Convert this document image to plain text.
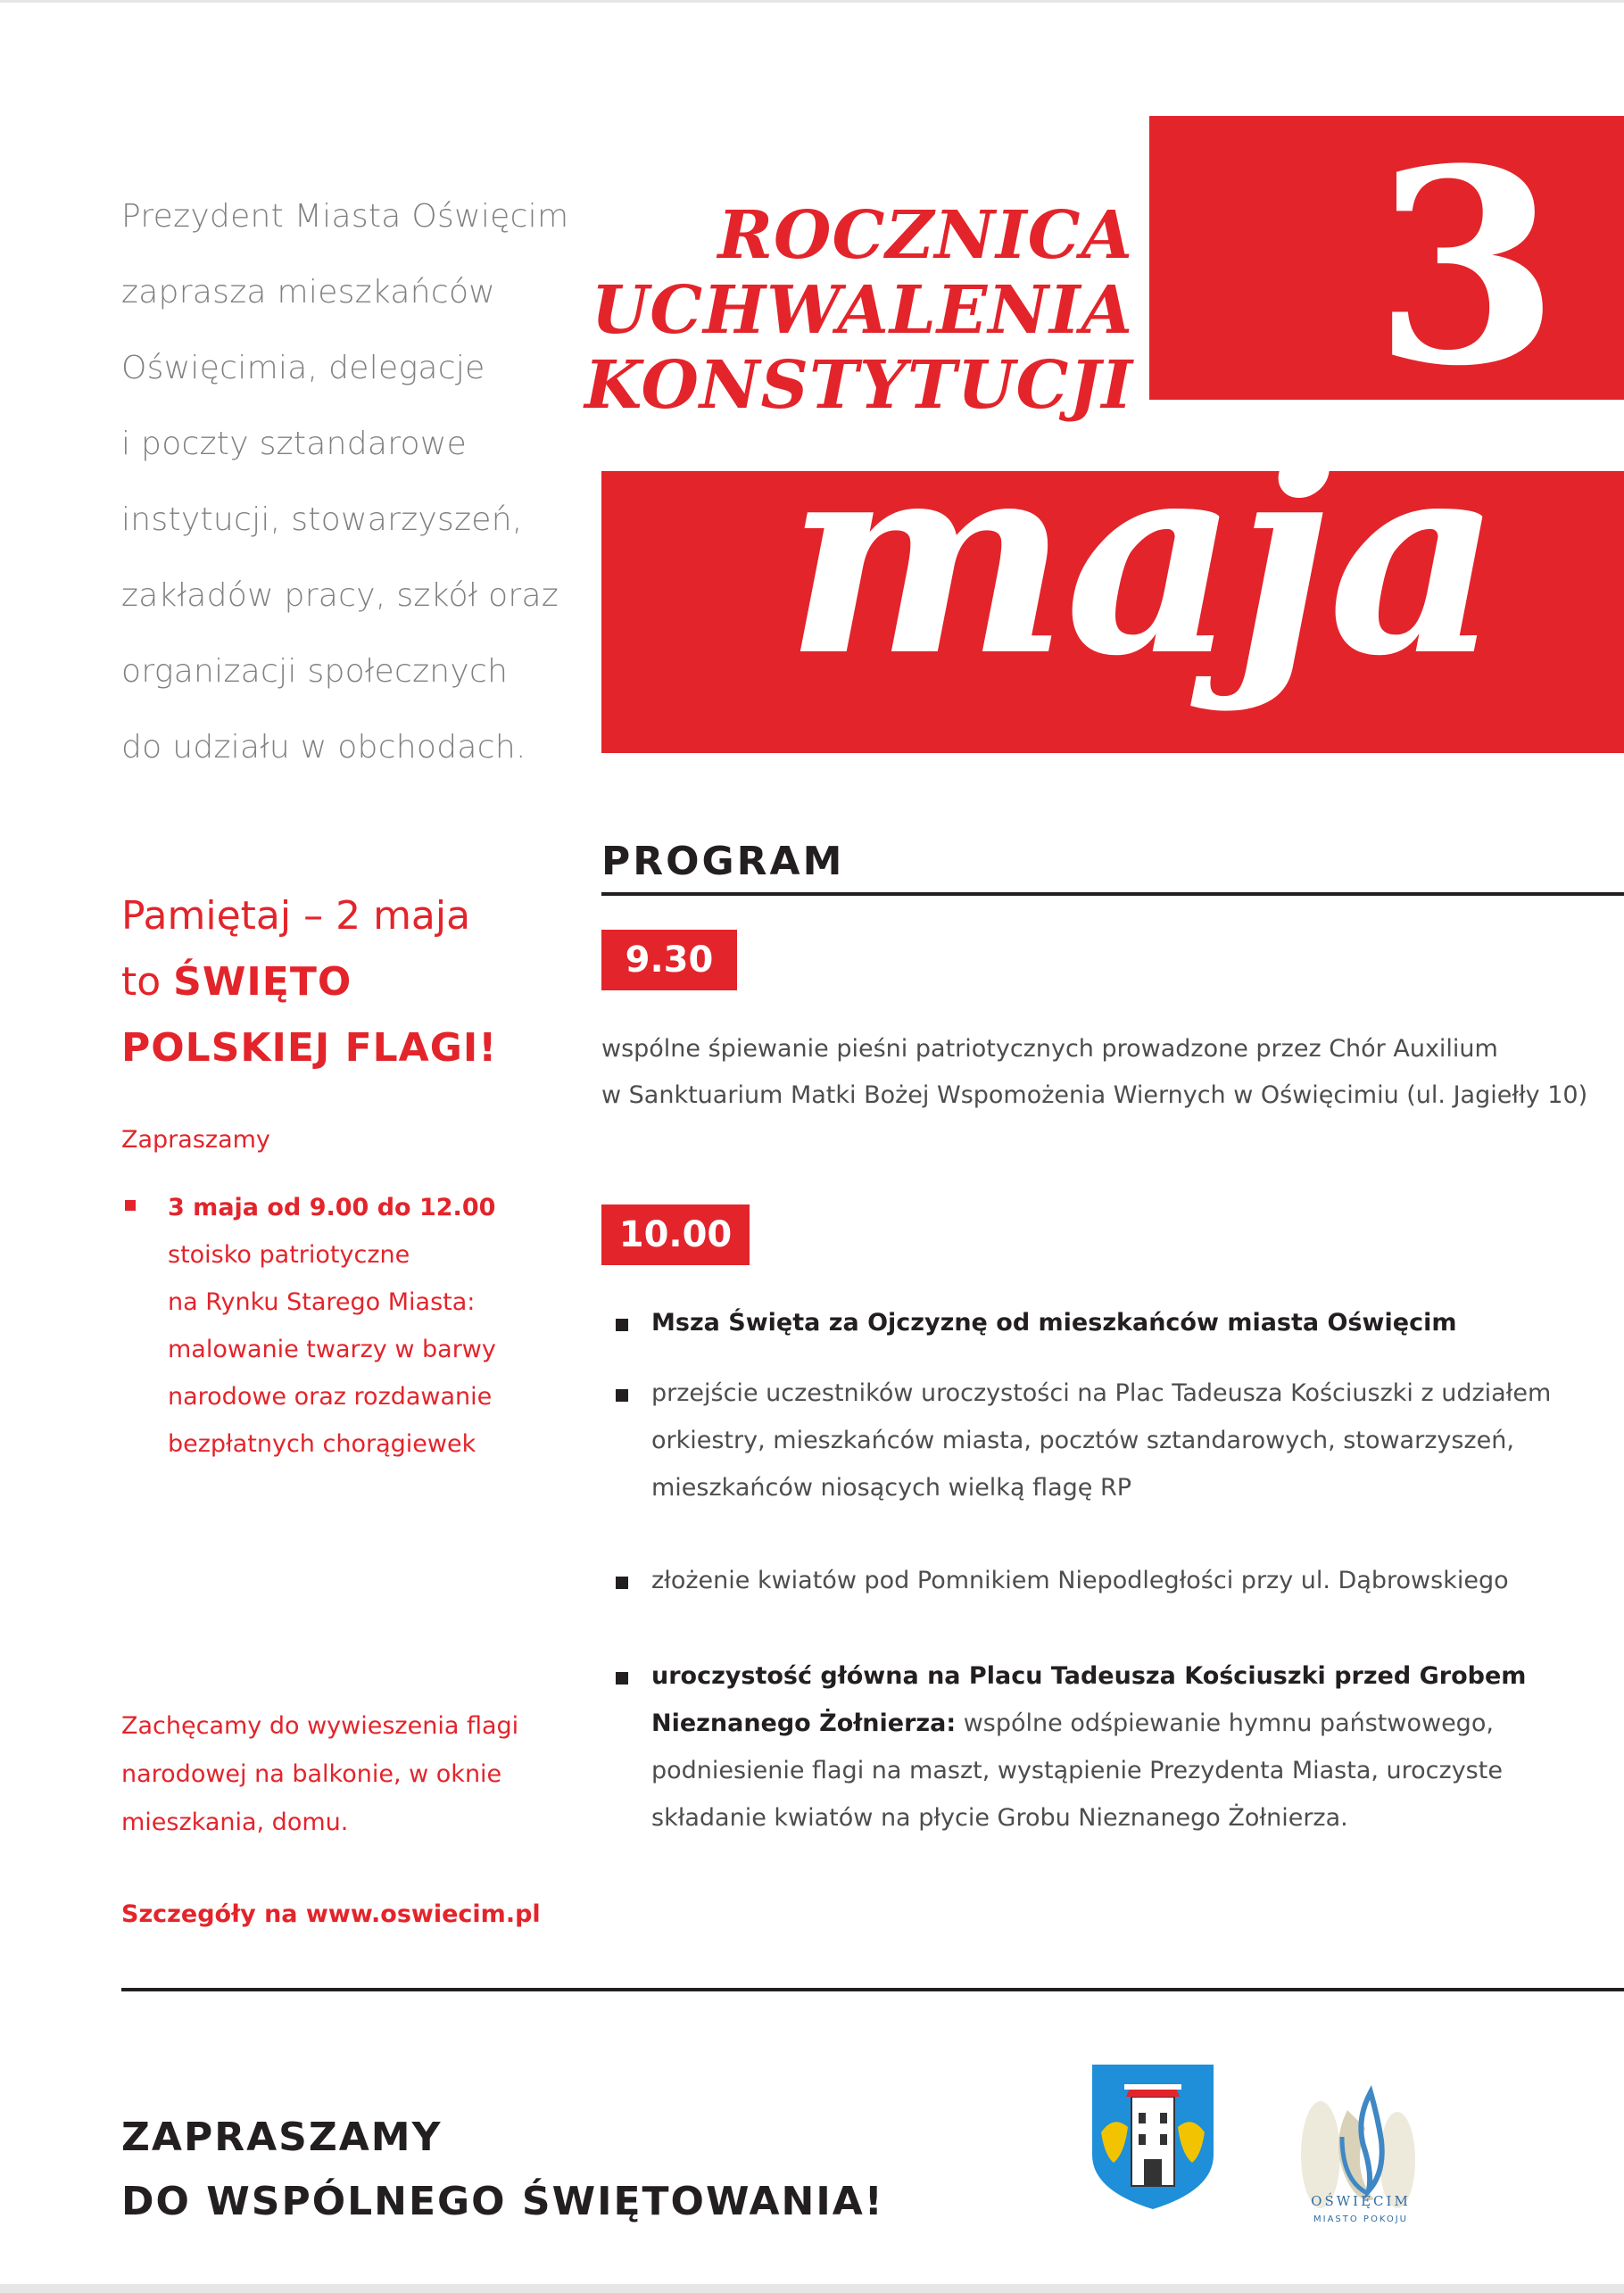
Prezydent Miasta Oświęcim
zaprasza mieszkańców
Oświęcimia, delegacje
i poczty sztandarowe
instytucji, stowarzyszeń,
zakładów pracy, szkół oraz
organizacji społecznych
do udziału w obchodach.
3
ROCZNICA
UCHWALENIA
KONSTYTUCJI
maja
PROGRAM
9.30
wspólne śpiewanie pieśni patriotycznych prowadzone przez Chór Auxilium
w Sanktuarium Matki Bożej Wspomożenia Wiernych w Oświęcimiu (ul. Jagiełły 10)
10.00
Msza Święta za Ojczyznę od mieszkańców miasta Oświęcim
przejście uczestników uroczystości na Plac Tadeusza Kościuszki z udziałem
orkiestry, mieszkańców miasta, pocztów sztandarowych, stowarzyszeń,
mieszkańców niosących wielką flagę RP
złożenie kwiatów pod Pomnikiem Niepodległości przy ul. Dąbrowskiego
uroczystość główna na Placu Tadeusza Kościuszki przed Grobem
Nieznanego Żołnierza: wspólne odśpiewanie hymnu państwowego,
podniesienie flagi na maszt, wystąpienie Prezydenta Miasta, uroczyste
składanie kwiatów na płycie Grobu Nieznanego Żołnierza.
Pamiętaj – 2 maja
to ŚWIĘTO
POLSKIEJ FLAGI!
Zapraszamy
3 maja od 9.00 do 12.00
stoisko patriotyczne
na Rynku Starego Miasta:
malowanie twarzy w barwy
narodowe oraz rozdawanie
bezpłatnych chorągiewek
Zachęcamy do wywieszenia flagi
narodowej na balkonie, w oknie
mieszkania, domu.
Szczegóły na www.oswiecim.pl
ZAPRASZAMY
DO WSPÓLNEGO ŚWIĘTOWANIA!	OŚWIĘCIM
MIASTO POKOJU
